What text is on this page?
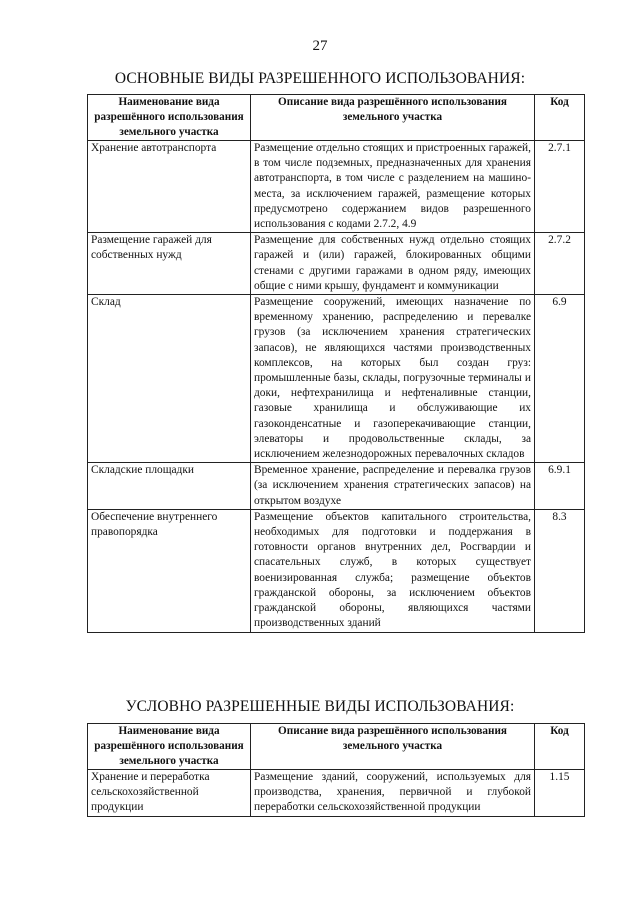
27
ОСНОВНЫЕ ВИДЫ РАЗРЕШЕННОГО ИСПОЛЬЗОВАНИЯ:
Наименование вида разрешённого использования земельного участка	Описание вида разрешённого использования земельного участка	Код
Хранение автотранспорта	Размещение отдельно стоящих и пристроенных гаражей, в том числе подземных, предназначенных для хранения автотранспорта, в том числе с разделением на машино-места, за исключением гаражей, размещение которых предусмотрено содержанием видов разрешенного использования с кодами 2.7.2, 4.9	2.7.1
Размещение гаражей для собственных нужд	Размещение для собственных нужд отдельно стоящих гаражей и (или) гаражей, блокированных общими стенами с другими гаражами в одном ряду, имеющих общие с ними крышу, фундамент и коммуникации	2.7.2
Склад	Размещение сооружений, имеющих назначение по временному хранению, распределению и перевалке грузов (за исключением хранения стратегических запасов), не являющихся частями производственных комплексов, на которых был создан груз: промышленные базы, склады, погрузочные терминалы и доки, нефтехранилища и нефтеналивные станции, газовые хранилища и обслуживающие их газоконденсатные и газоперекачивающие станции, элеваторы и продовольственные склады, за исключением железнодорожных перевалочных складов	6.9
Складские площадки	Временное хранение, распределение и перевалка грузов (за исключением хранения стратегических запасов) на открытом воздухе	6.9.1
Обеспечение внутреннего правопорядка	Размещение объектов капитального строительства, необходимых для подготовки и поддержания в готовности органов внутренних дел, Росгвардии и спасательных служб, в которых существует военизированная служба; размещение объектов гражданской обороны, за исключением объектов гражданской обороны, являющихся частями производственных зданий	8.3
УСЛОВНО РАЗРЕШЕННЫЕ ВИДЫ ИСПОЛЬЗОВАНИЯ:
Наименование вида разрешённого использования земельного участка	Описание вида разрешённого использования земельного участка	Код
Хранение и переработка сельскохозяйственной продукции	Размещение зданий, сооружений, используемых для производства, хранения, первичной и глубокой переработки сельскохозяйственной продукции	1.15
